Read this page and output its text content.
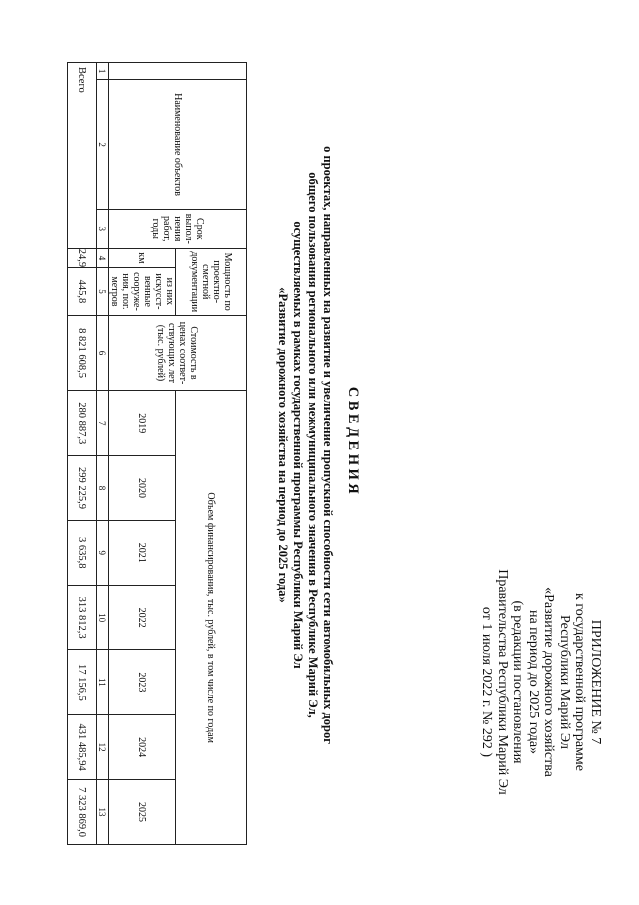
ПРИЛОЖЕНИЕ № 7
к государственной программе
Республики Марий Эл
«Развитие дорожного хозяйства
на период до 2025 года»
(в редакции постановления
Правительства Республики Марий Эл
от 1 июля 2022 г. № 292 )
СВЕДЕНИЯ
о проектах, направленных на развитие и увеличение пропускной способности сети автомобильных дорог
общего пользования регионального или межмуниципального значения в Республике Марий Эл,
осуществляемых в рамках государственной программы Республики Марий Эл
«Развитие дорожного хозяйства на период до 2025 года»
	Наименование объектов	Срок выпол-нения работ, годы	Мощность по проектно-сметной документации		Стоимость в ценах соответ-ствующих лет (тыс. рублей)	Объем финансирования, тыс. рублей, в том числе по годам						
			км	из них искусст-венные сооруже-ния, пог. метров		2019	2020	2021	2022	2023	2024	2025
1	2	3	4	5	6	7	8	9	10	11	12	13
Всего			24,9	445,8	8 821 608,5	280 887,3	299 225,9	3 635,8	313 812,3	17 156,5	431 485,94	7 323 869,0
